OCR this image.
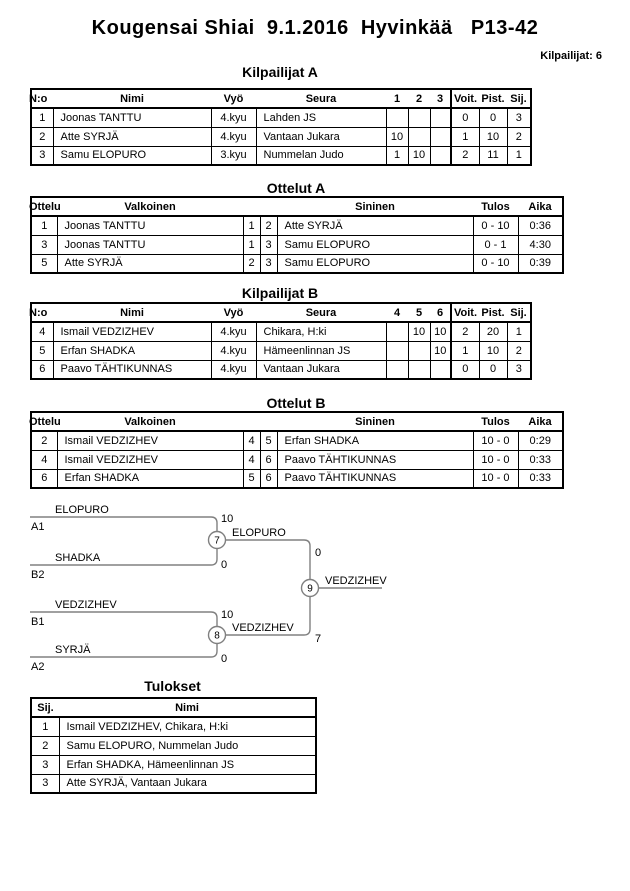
Kougensai Shiai  9.1.2016  Hyvinkää   P13-42
Kilpailijat: 6
Kilpailijat A
N:o	Nimi	Vyö	Seura	1	2	3	Voit.	Pist.	Sij.
1	Joonas TANTTU	4.kyu	Lahden JS				0	0	3
2	Atte SYRJÄ	4.kyu	Vantaan Jukara	10			1	10	2
3	Samu ELOPURO	3.kyu	Nummelan Judo	1	10		2	11	1
Ottelut A
Ottelu	Valkoinen			Sininen	Tulos	Aika
1	Joonas TANTTU	1	2	Atte SYRJÄ	0 - 10	0:36
3	Joonas TANTTU	1	3	Samu ELOPURO	0 - 1	4:30
5	Atte SYRJÄ	2	3	Samu ELOPURO	0 - 10	0:39
Kilpailijat B
N:o	Nimi	Vyö	Seura	4	5	6	Voit.	Pist.	Sij.
4	Ismail VEDZIZHEV	4.kyu	Chikara, H:ki		10	10	2	20	1
5	Erfan SHADKA	4.kyu	Hämeenlinnan JS			10	1	10	2
6	Paavo TÄHTIKUNNAS	4.kyu	Vantaan Jukara				0	0	3
Ottelut B
Ottelu	Valkoinen			Sininen	Tulos	Aika
2	Ismail VEDZIZHEV	4	5	Erfan SHADKA	10 - 0	0:29
4	Ismail VEDZIZHEV	4	6	Paavo TÄHTIKUNNAS	10 - 0	0:33
6	Erfan SHADKA	5	6	Paavo TÄHTIKUNNAS	10 - 0	0:33
ELOPURO
A1
10
SHADKA
B2
0
7
ELOPURO
0
VEDZIZHEV
B1
10
SYRJÄ
A2
0
8
VEDZIZHEV
7
9
VEDZIZHEV
Tulokset
Sij.	Nimi
1	Ismail VEDZIZHEV, Chikara, H:ki
2	Samu ELOPURO, Nummelan Judo
3	Erfan SHADKA, Hämeenlinnan JS
3	Atte SYRJÄ, Vantaan Jukara
